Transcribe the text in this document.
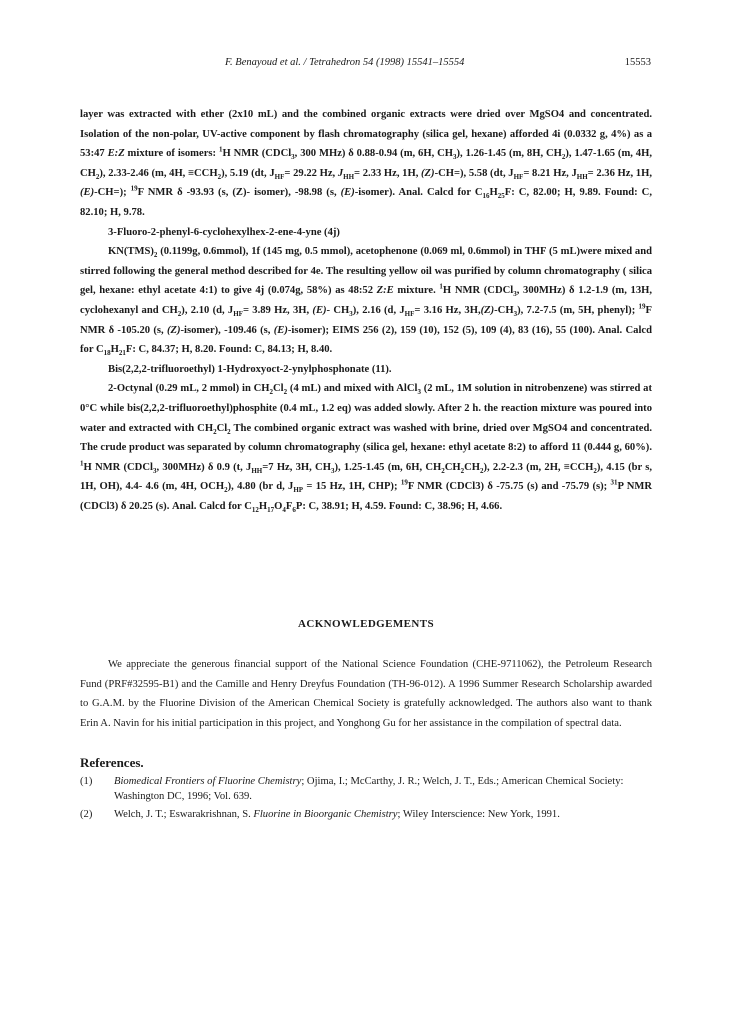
F. Benayoud et al. / Tetrahedron 54 (1998) 15541–15554	15553

layer was extracted with ether (2x10 mL) and the combined organic extracts were dried over MgSO4 and concentrated. Isolation of the non-polar, UV-active component by flash chromatography (silica gel, hexane) afforded 4i (0.0332 g, 4%) as a 53:47 E:Z mixture of isomers: $^1$H NMR (CDCl$_3$, 300 MHz) δ 0.88-0.94 (m, 6H, $CH_3$), 1.26-1.45 (m, 8H, $CH_2$), 1.47-1.65 (m, 4H, $CH_2$), 2.33-2.46 (m, 4H, $\equiv CCH_2$), 5.19 (dt, $J_{HF}= 29.22$ Hz, $J_{HH}= 2.33$ Hz, 1H, (Z)-CH=), 5.58 (dt, $J_{HF}= 8.21$ Hz, $J_{HH}= 2.36$ Hz, 1H, (E)-CH=); $^{19}$F NMR δ -93.93 (s, (Z)- isomer), -98.98 (s, (E)-isomer). Anal. Calcd for $C_{16}H_{25}F$: C, 82.00; H, 9.89. Found: C, 82.10; H, 9.78.

3-Fluoro-2-phenyl-6-cyclohexylhex-2-ene-4-yne (4j)

$KN(TMS)_2$ (0.1199g, 0.6mmol), 1f (145 mg, 0.5 mmol), acetophenone (0.069 ml, 0.6mmol) in THF (5 mL)were mixed and stirred following the general method described for 4e. The resulting yellow oil was purified by column chromatography ( silica gel, hexane: ethyl acetate 4:1) to give 4j (0.074g, 58%) as 48:52 Z:E mixture. $^1$H NMR (CDCl$_3$, 300MHz) δ 1.2-1.9 (m, 13H, cyclohexanyl and $CH_2$), 2.10 (d, $J_{HF}= 3.89$ Hz, 3H, (E)- $CH_3$), 2.16 (d, $J_{HF}= 3.16$ Hz, $3H,(Z)-CH_3$), 7.2-7.5 (m, 5H, phenyl); $^{19}$F NMR δ -105.20 (s, (Z)-isomer), -109.46 (s, (E)-isomer); EIMS 256 (2), 159 (10), 152 (5), 109 (4), 83 (16), 55 (100). Anal. Calcd for $C_{18}H_{21}F$: C, 84.37; H, 8.20. Found: C, 84.13; H, 8.40.

Bis(2,2,2-trifluoroethyl) 1-Hydroxyoct-2-ynylphosphonate (11).

2-Octynal (0.29 mL, 2 mmol) in $CH_2Cl_2$ (4 mL) and mixed with AlCl$_3$ (2 mL, 1M solution in nitrobenzene) was stirred at 0°C while bis(2,2,2-trifluoroethyl)phosphite (0.4 mL, 1.2 eq) was added slowly. After 2 h. the reaction mixture was poured into water and extracted with $CH_2Cl_2$ The combined organic extract was washed with brine, dried over MgSO4 and concentrated. The crude product was separated by column chromatography (silica gel, hexane: ethyl acetate 8:2) to afford 11 (0.444 g, 60%). $^1$H NMR (CDCl$_3$, 300MHz) δ 0.9 (t, $J_{HH}=7$ Hz, 3H, $CH_3$), 1.25-1.45 (m, 6H, $CH_2CH_2CH_2$), 2.2-2.3 (m, 2H, $\equiv CCH_2$), 4.15 (br s, 1H, OH), 4.4- 4.6 (m, 4H, $OCH_2$), 4.80 (br d, $J_{HP} = 15$ Hz, 1H, CHP); $^{19}$F NMR (CDCl3) δ -75.75 (s) and -75.79 (s); $^{31}$P NMR (CDCl3) δ 20.25 (s). Anal. Calcd for $C_{12}H_{17}O_4F_6P$: C, 38.91; H, 4.59. Found: C, 38.96; H, 4.66.

ACKNOWLEDGEMENTS

We appreciate the generous financial support of the National Science Foundation (CHE-9711062), the Petroleum Research Fund (PRF#32595-B1) and the Camille and Henry Dreyfus Foundation (TH-96-012). A 1996 Summer Research Scholarship awarded to G.A.M. by the Fluorine Division of the American Chemical Society is gratefully acknowledged. The authors also want to thank Erin A. Navin for his initial participation in this project, and Yonghong Gu for her assistance in the compilation of spectral data.

References.
(1) Biomedical Frontiers of Fluorine Chemistry; Ojima, I.; McCarthy, J. R.; Welch, J. T., Eds.; American Chemical Society: Washington DC, 1996; Vol. 639.
(2) Welch, J. T.; Eswarakrishnan, S. Fluorine in Bioorganic Chemistry; Wiley Interscience: New York, 1991.
